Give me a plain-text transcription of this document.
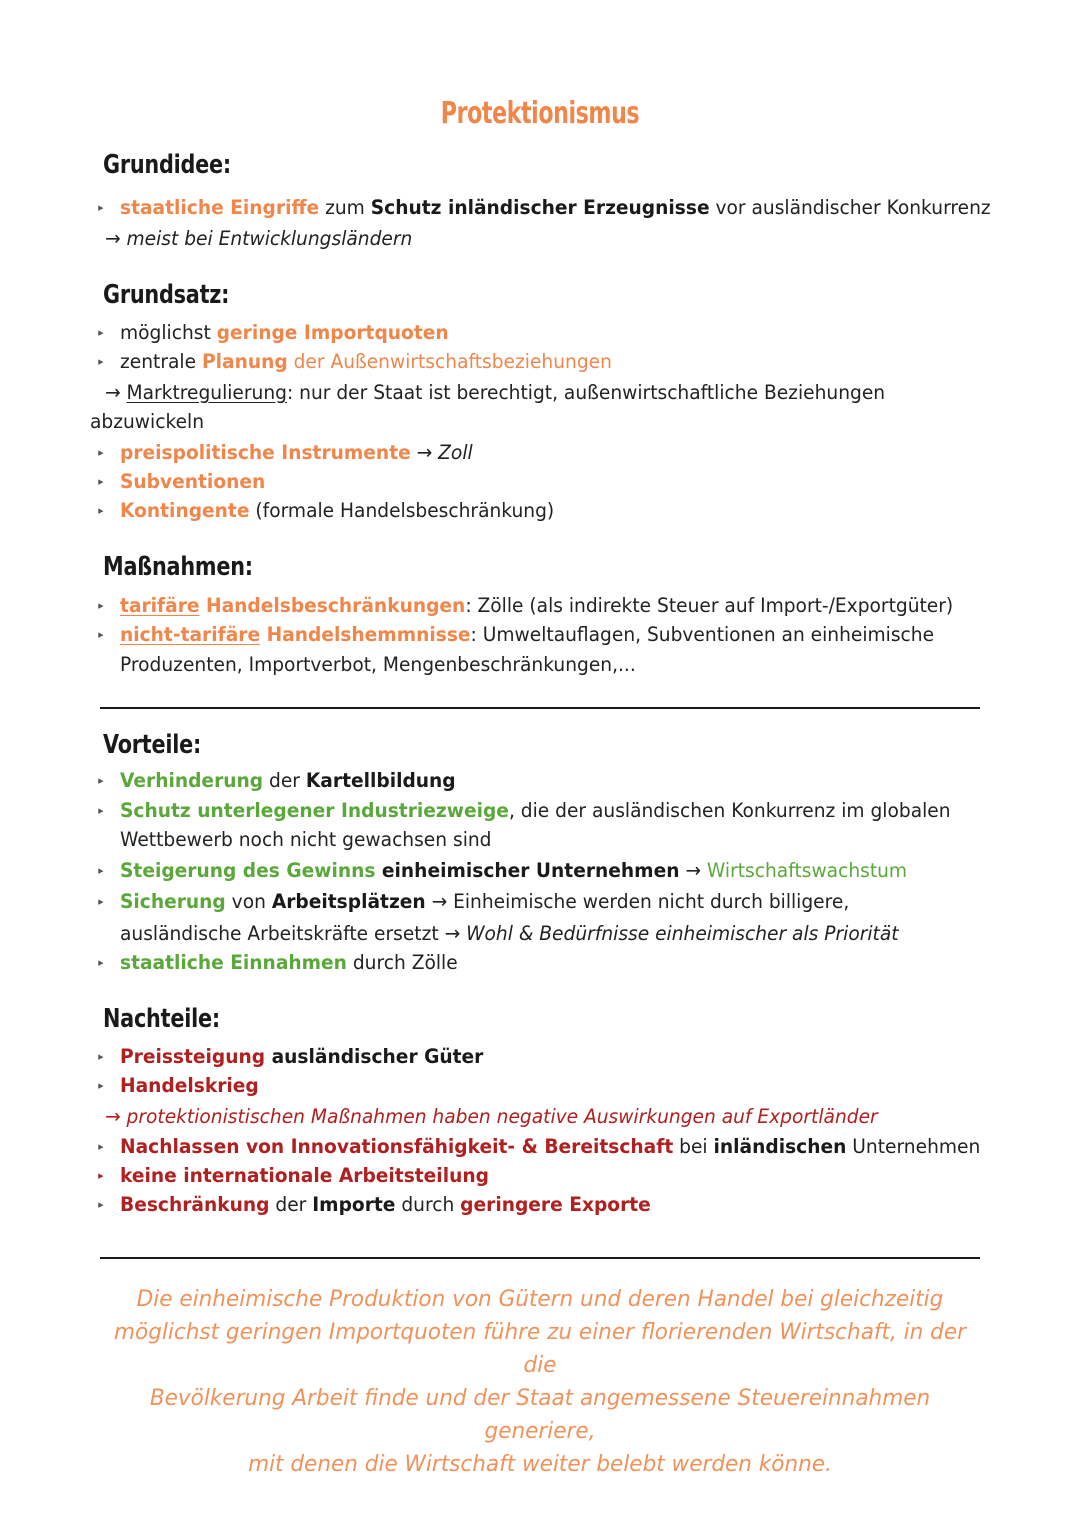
Protektionismus
Grundidee:
▸ staatliche Eingriffe zum Schutz inländischer Erzeugnisse vor ausländischer Konkurrenz
→ meist bei Entwicklungsländern
Grundsatz:
▸ möglichst geringe Importquoten
▸ zentrale Planung der Außenwirtschaftsbeziehungen
→ Marktregulierung: nur der Staat ist berechtigt, außenwirtschaftliche Beziehungen
abzuwickeln
▸ preispolitische Instrumente → Zoll
▸ Subventionen
▸ Kontingente (formale Handelsbeschränkung)
Maßnahmen:
▸ tarifäre Handelsbeschränkungen: Zölle (als indirekte Steuer auf Import-/Exportgüter)
▸ nicht-tarifäre Handelshemmnisse: Umweltauflagen, Subventionen an einheimische
Produzenten, Importverbot, Mengenbeschränkungen,...
Vorteile:
▸ Verhinderung der Kartellbildung
▸ Schutz unterlegener Industriezweige, die der ausländischen Konkurrenz im globalen
Wettbewerb noch nicht gewachsen sind
▸ Steigerung des Gewinns einheimischer Unternehmen → Wirtschaftswachstum
▸ Sicherung von Arbeitsplätzen → Einheimische werden nicht durch billigere,
ausländische Arbeitskräfte ersetzt → Wohl & Bedürfnisse einheimischer als Priorität
▸ staatliche Einnahmen durch Zölle
Nachteile:
▸ Preissteigung ausländischer Güter
▸ Handelskrieg
→ protektionistischen Maßnahmen haben negative Auswirkungen auf Exportländer
▸ Nachlassen von Innovationsfähigkeit- & Bereitschaft bei inländischen Unternehmen
▸ keine internationale Arbeitsteilung
▸ Beschränkung der Importe durch geringere Exporte
Die einheimische Produktion von Gütern und deren Handel bei gleichzeitig
möglichst geringen Importquoten führe zu einer florierenden Wirtschaft, in der die
Bevölkerung Arbeit finde und der Staat angemessene Steuereinnahmen generiere,
mit denen die Wirtschaft weiter belebt werden könne.
